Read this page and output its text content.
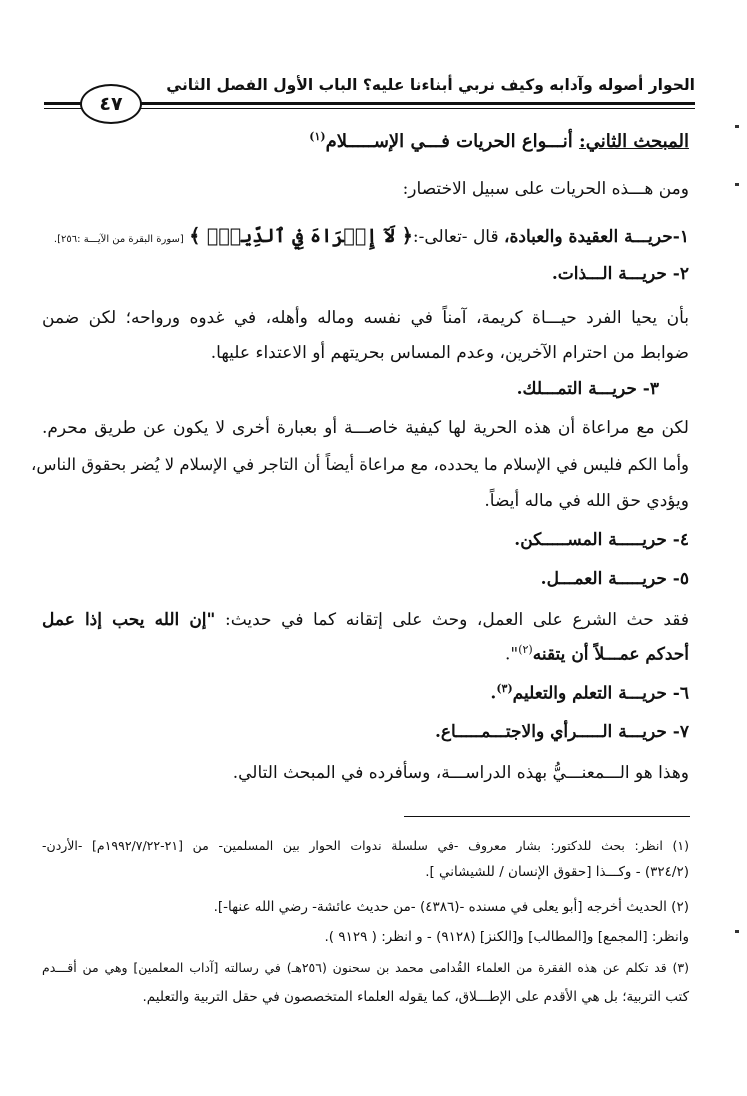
الحوار أصوله وآدابه وكيف نربي أبناءنا عليه؟ الباب الأول الفصل الثاني
٤٧
المبحث الثاني: أنـــواع الحريات فـــي الإســـــلام$^{(١)}$
ومن هـــذه الحريات على سبيل الاختصار:
١-حريـــة العقيدة والعبادة، قال -تعالى-:﴿ لَآ إِكۡرَاهَ فِي ٱلدِّينِۖ ﴾ [سورة البقرة من الآيـــة :٢٥٦].
٢- حريـــة الـــذات.
بأن يحيا الفرد حيـــاة كريمة، آمناً في نفسه وماله وأهله، في غدوه ورواحه؛ لكن ضمن
ضوابط من احترام الآخرين، وعدم المساس بحريتهم أو الاعتداء عليها.
٣- حريـــة التمـــلك.
لكن مع مراعاة أن هذه الحرية لها كيفية خاصـــة أو بعبارة أخرى لا يكون عن طريق محرم.
وأما الكم فليس في الإسلام ما يحدده، مع مراعاة أيضاً أن التاجر في الإسلام لا يُضر بحقوق الناس،
ويؤدي حق الله في ماله أيضاً.
٤- حريـــــة المســـــكن.
٥- حريـــــة العمـــل.
فقد حث الشرع على العمل، وحث على إتقانه كما في حديث: "إن الله يحب إذا عمل
أحدكم عمـــلاً أن يتقنه$^{(٢)}$".
٦- حريـــة التعلم والتعليم$^{(٣)}$.
٧- حريـــة الـــــرأي والاجتـــمـــــاع.
وهذا هو الـــمعنـــيُّ بهذه الدراســـة، وسأفرده في المبحث التالي.
(١) انظر: بحث للدكتور: بشار معروف -في سلسلة ندوات الحوار بين المسلمين- من [٢١-١٩٩٢/٧/٢٢م] -الأردن-
(٣٢٤/٢) - وكـــذا [حقوق الإنسان / للشيشاني ].
(٢) الحديث أخرجه [أبو يعلى في مسنده -(٤٣٨٦) -من حديث عائشة- رضي الله عنها-].
وانظر: [المجمع] و[المطالب] و[الكنز] (٩١٢٨) - و انظر: ( ٩١٢٩ ).
(٣) قد تكلم عن هذه الفقرة من العلماء القُدامى محمد بن سحنون (٢٥٦هـ) في رسالته [آداب المعلمين] وهي من أقـــدم
كتب التربية؛ بل هي الأقدم على الإطـــلاق، كما يقوله العلماء المتخصصون في حقل التربية والتعليم.
